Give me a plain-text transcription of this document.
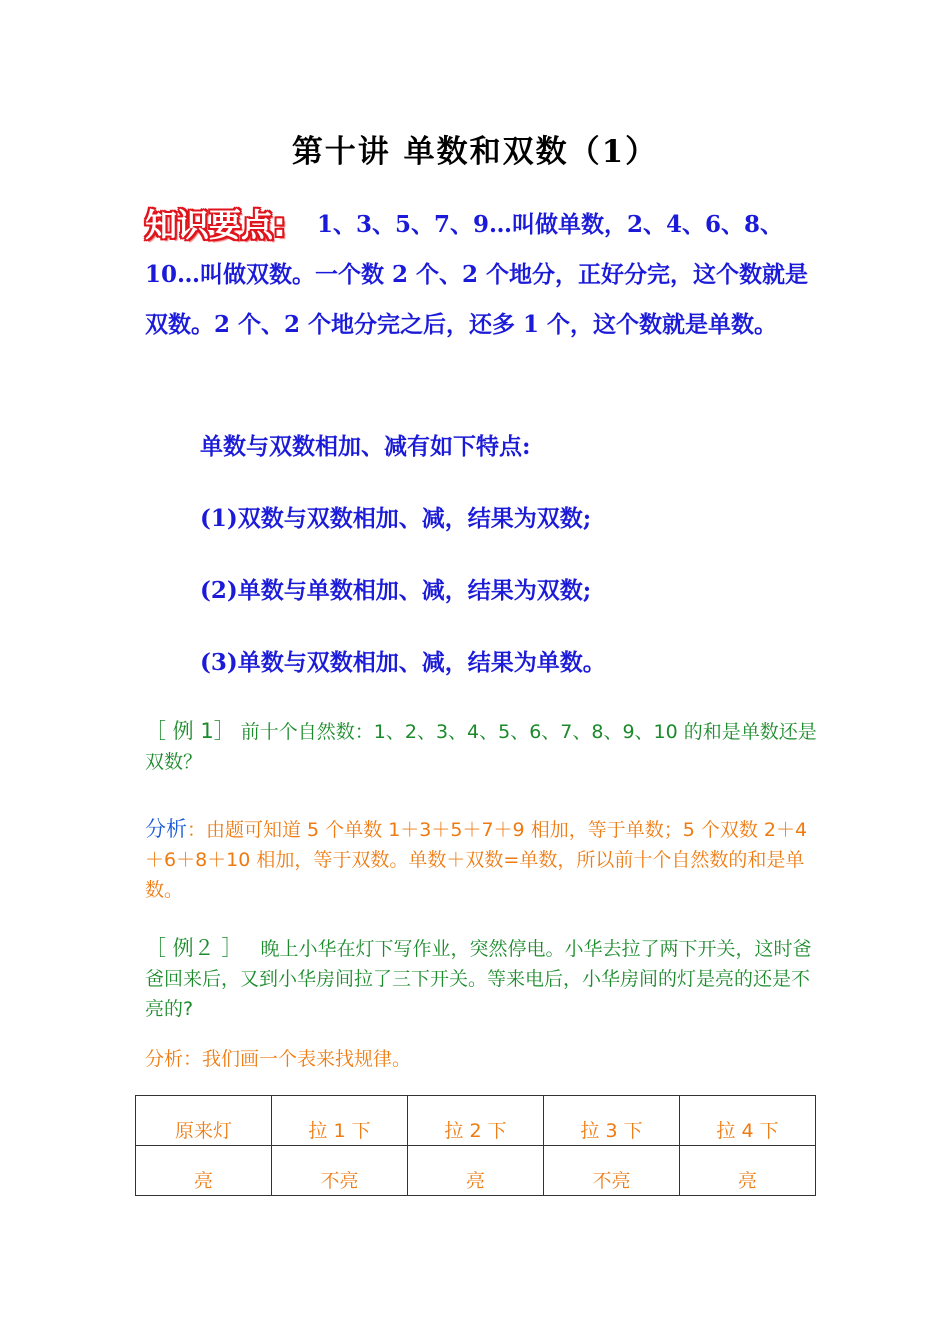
第十讲 单数和双数（1）
1、3、5、7、9…叫做单数，2、4、6、8、10…叫做双数。一个数 2 个、2 个地分，正好分完，这个数就是双数。2 个、2 个地分完之后，还多 1 个，这个数就是单数。
知识要点:
单数与双数相加、减有如下特点:
(1)双数与双数相加、减，结果为双数;
(2)单数与单数相加、减，结果为双数;
(3)单数与双数相加、减，结果为单数。
［ 例 1］ 前十个自然数：1、2、3、4、5、6、7、8、9、10 的和是单数还是双数？
分析：由题可知道 5 个单数 1＋3＋5＋7＋9 相加，等于单数；5 个双数 2＋4＋6＋8＋10 相加，等于双数。单数＋双数=单数，所以前十个自然数的和是单数。
［ 例２ ］ 晚上小华在灯下写作业，突然停电。小华去拉了两下开关，这时爸爸回来后，又到小华房间拉了三下开关。等来电后，小华房间的灯是亮的还是不亮的?
分析：我们画一个表来找规律。
原来灯	拉 1 下	拉 2 下	拉 3 下	拉 4 下
亮	不亮	亮	不亮	亮
